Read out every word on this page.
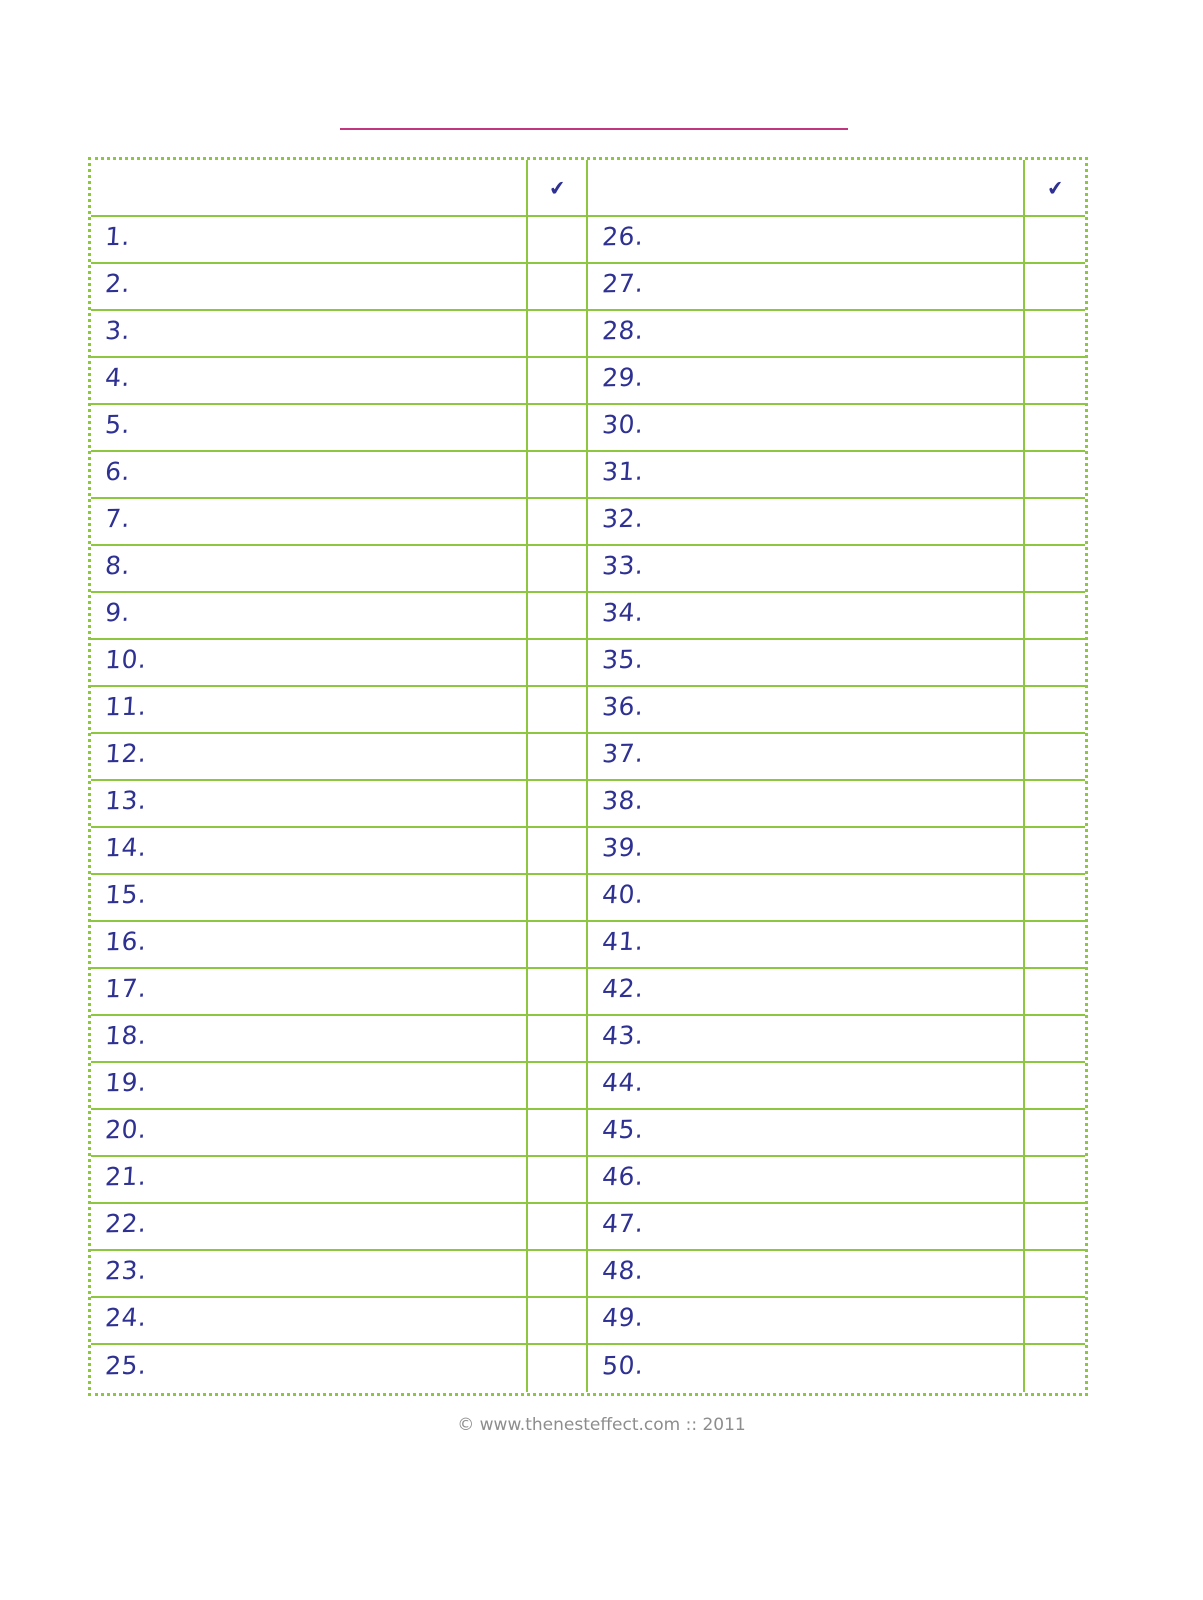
✔	✔
1.	26.
2.	27.
3.	28.
4.	29.
5.	30.
6.	31.
7.	32.
8.	33.
9.	34.
10.	35.
11.	36.
12.	37.
13.	38.
14.	39.
15.	40.
16.	41.
17.	42.
18.	43.
19.	44.
20.	45.
21.	46.
22.	47.
23.	48.
24.	49.
25.	50.
© www.thenesteffect.com :: 2011
